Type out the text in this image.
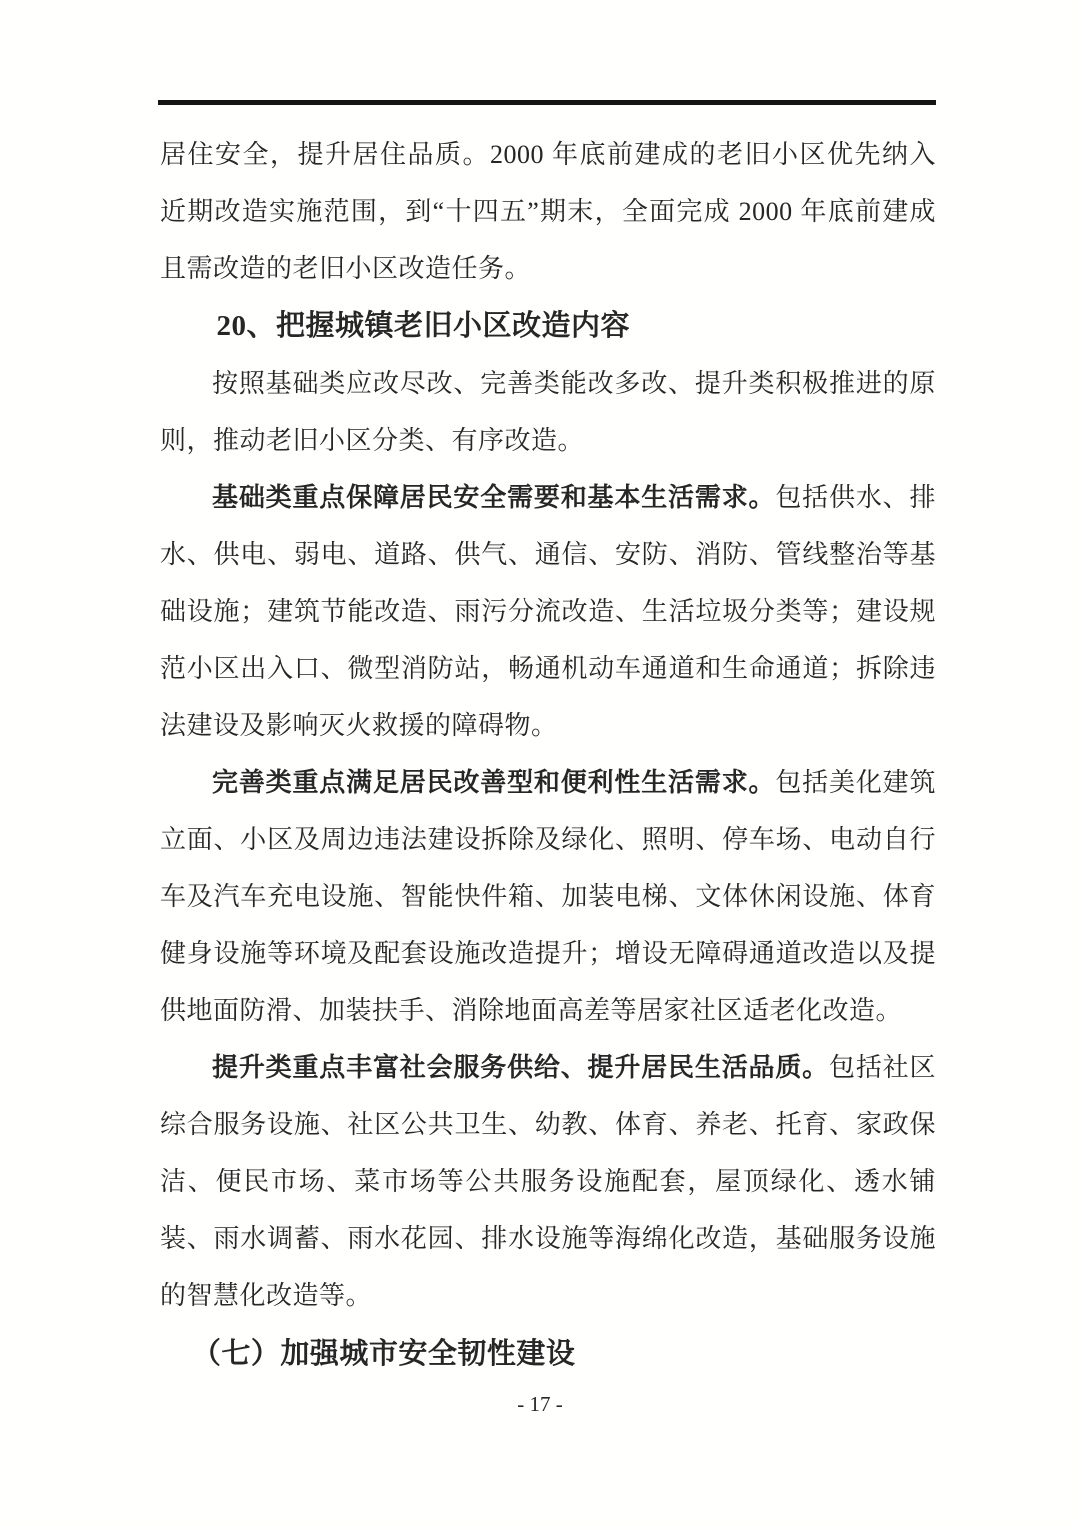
居住安全，提升居住品质。2000 年底前建成的老旧小区优先纳入近期改造实施范围，到“十四五”期末，全面完成 2000 年底前建成且需改造的老旧小区改造任务。

20、把握城镇老旧小区改造内容

按照基础类应改尽改、完善类能改多改、提升类积极推进的原则，推动老旧小区分类、有序改造。

基础类重点保障居民安全需要和基本生活需求。包括供水、排水、供电、弱电、道路、供气、通信、安防、消防、管线整治等基础设施；建筑节能改造、雨污分流改造、生活垃圾分类等；建设规范小区出入口、微型消防站，畅通机动车通道和生命通道；拆除违法建设及影响灭火救援的障碍物。

完善类重点满足居民改善型和便利性生活需求。包括美化建筑立面、小区及周边违法建设拆除及绿化、照明、停车场、电动自行车及汽车充电设施、智能快件箱、加装电梯、文体休闲设施、体育健身设施等环境及配套设施改造提升；增设无障碍通道改造以及提供地面防滑、加装扶手、消除地面高差等居家社区适老化改造。

提升类重点丰富社会服务供给、提升居民生活品质。包括社区综合服务设施、社区公共卫生、幼教、体育、养老、托育、家政保洁、便民市场、菜市场等公共服务设施配套，屋顶绿化、透水铺装、雨水调蓄、雨水花园、排水设施等海绵化改造，基础服务设施的智慧化改造等。

（七）加强城市安全韧性建设

- 17 -
